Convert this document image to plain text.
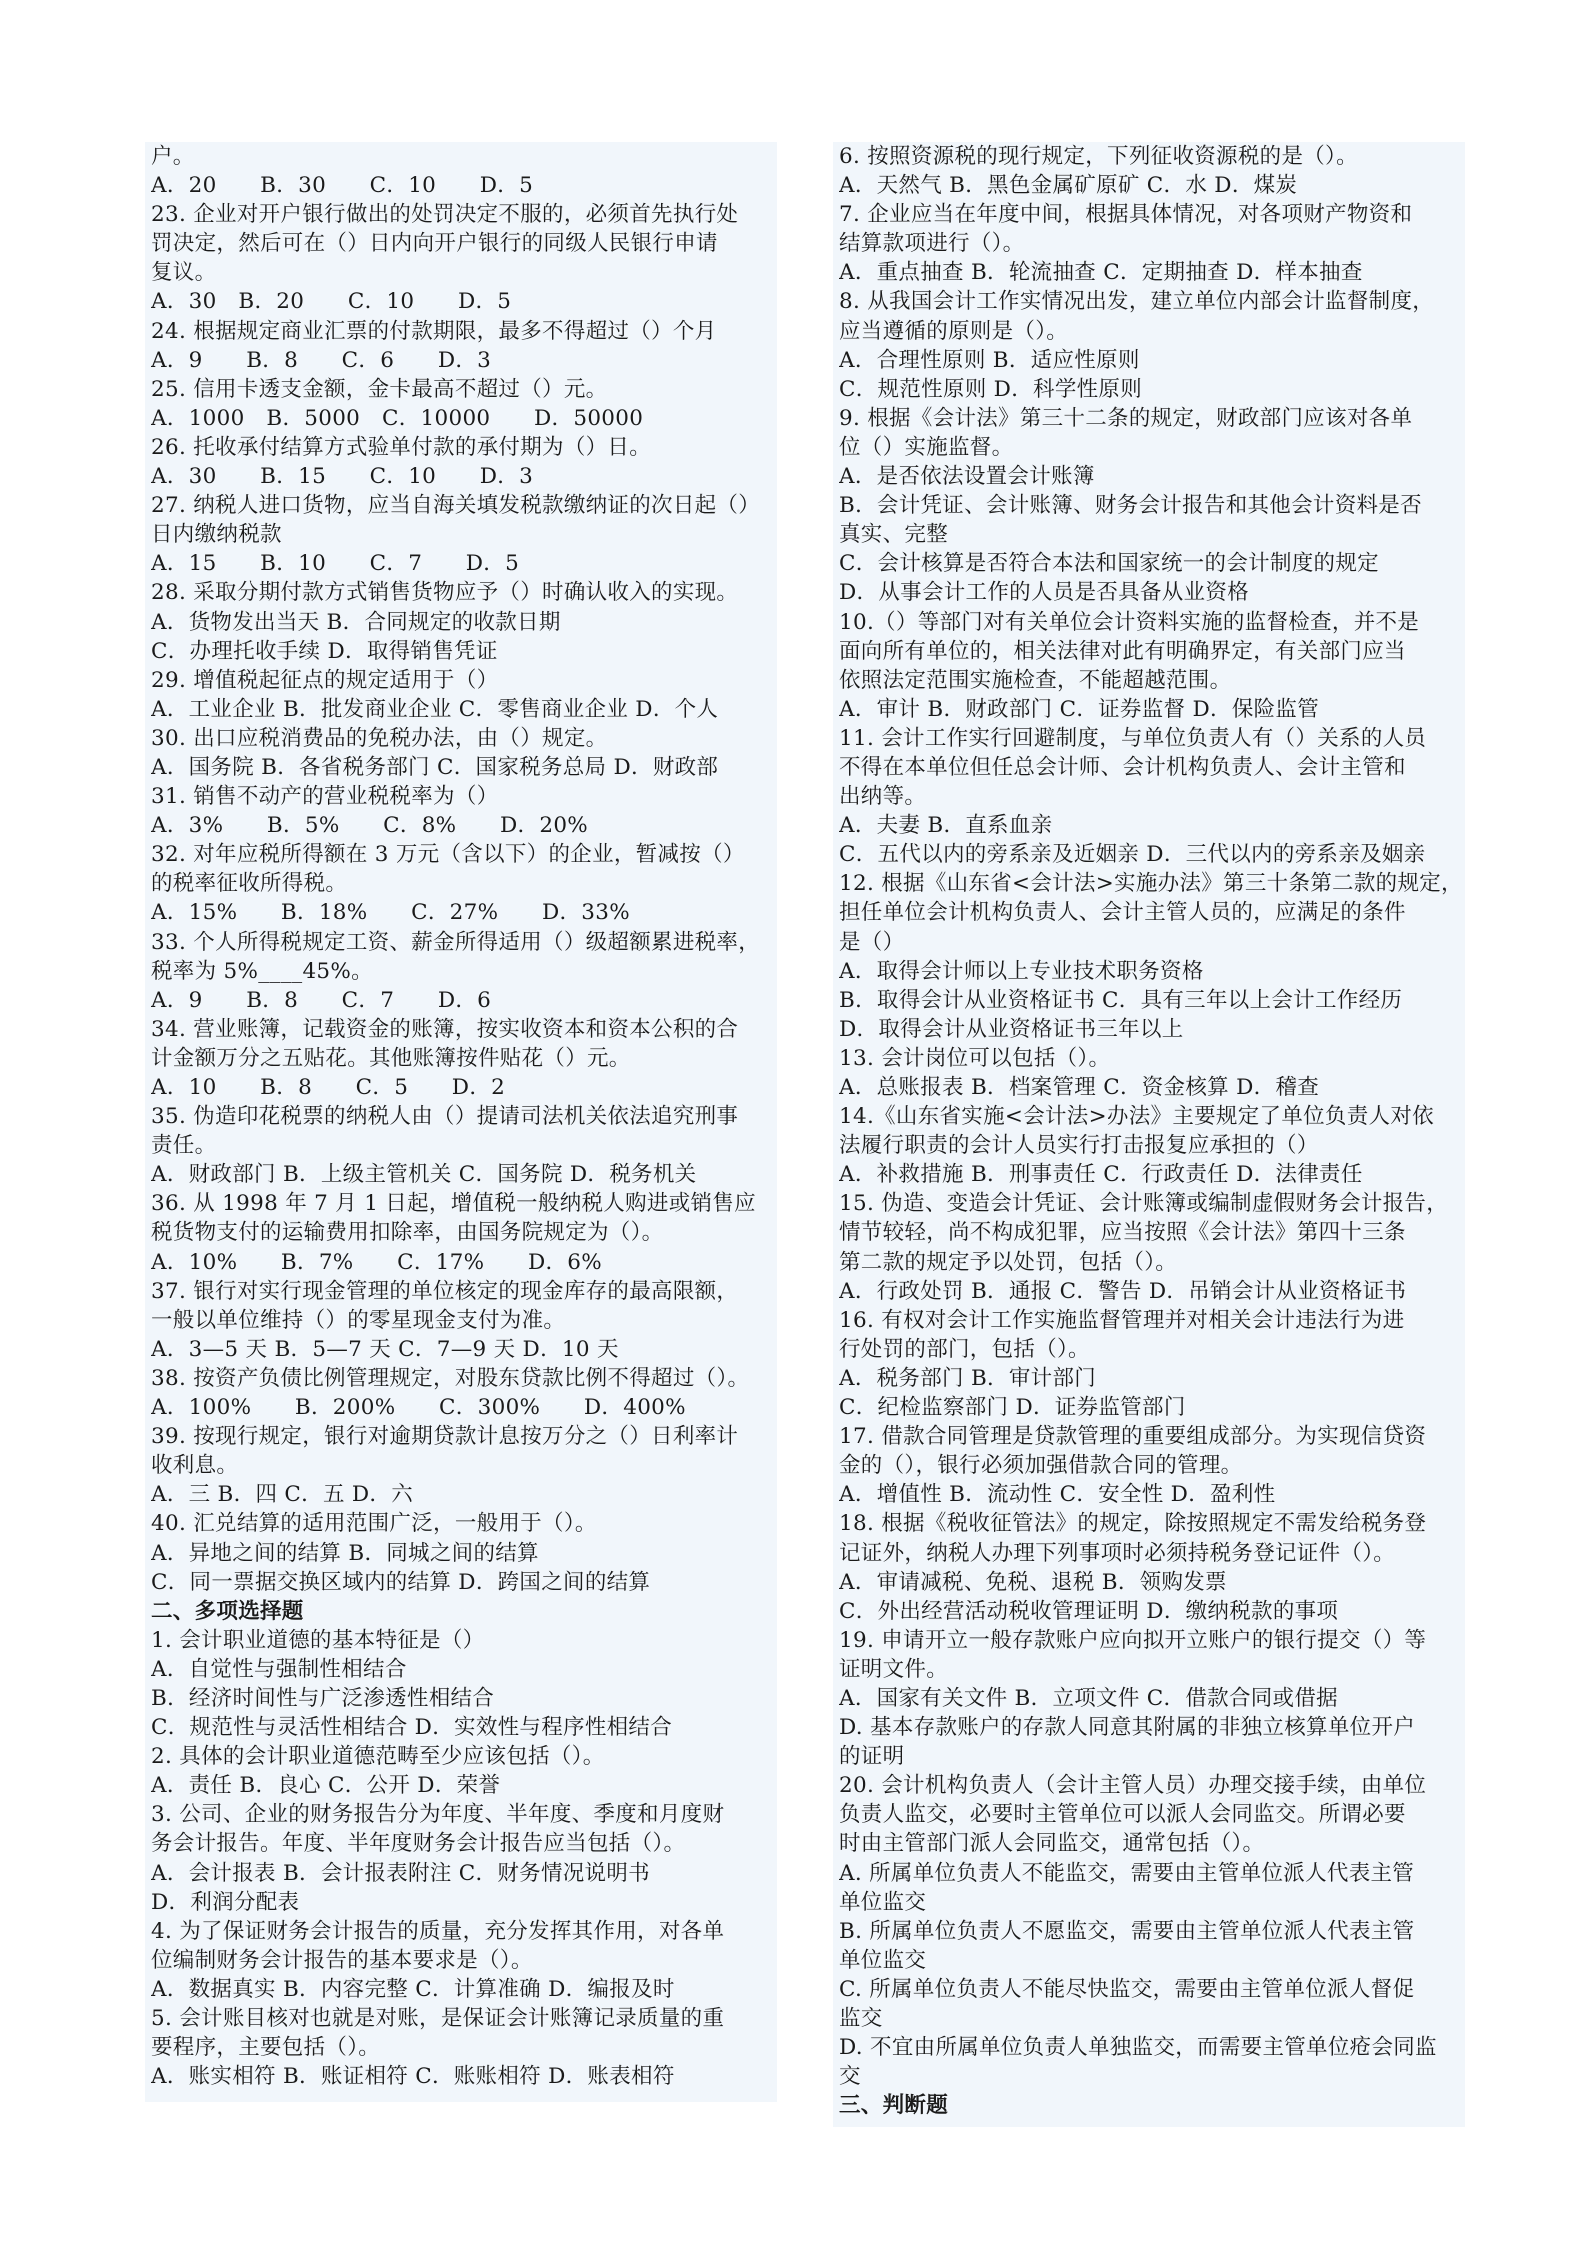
户。
A．20　　B．30　　C．10　　D．5
23. 企业对开户银行做出的处罚决定不服的，必须首先执行处
罚决定，然后可在（）日内向开户银行的同级人民银行申请
复议。
A．30　B．20　　C．10　　D．5
24. 根据规定商业汇票的付款期限，最多不得超过（）个月
A．9　　B．8　　C．6　　D．3
25. 信用卡透支金额，金卡最高不超过（）元。
A．1000　B．5000　C．10000　　D．50000
26. 托收承付结算方式验单付款的承付期为（）日。
A．30　　B．15　　C．10　　D．3
27. 纳税人进口货物，应当自海关填发税款缴纳证的次日起（）
日内缴纳税款
A．15　　B．10　　C．7　　D．5
28. 采取分期付款方式销售货物应予（）时确认收入的实现。
A．货物发出当天 B．合同规定的收款日期
C．办理托收手续 D．取得销售凭证
29. 增值税起征点的规定适用于（）
A．工业企业 B．批发商业企业 C．零售商业企业 D．个人
30. 出口应税消费品的免税办法，由（）规定。
A．国务院 B．各省税务部门 C．国家税务总局 D．财政部
31. 销售不动产的营业税税率为（）
A．3%　　B．5%　　C．8%　　D．20%
32. 对年应税所得额在 3 万元（含以下）的企业，暂减按（）
的税率征收所得税。
A．15%　　B．18%　　C．27%　　D．33%
33. 个人所得税规定工资、薪金所得适用（）级超额累进税率，
税率为 5%____45%。
A．9　　B．8　　C．7　　D．6
34. 营业账簿，记载资金的账簿，按实收资本和资本公积的合
计金额万分之五贴花。其他账簿按件贴花（）元。
A．10　　B．8　　C．5　　D．2
35. 伪造印花税票的纳税人由（）提请司法机关依法追究刑事
责任。
A．财政部门 B．上级主管机关 C．国务院 D．税务机关
36. 从 1998 年 7 月 1 日起，增值税一般纳税人购进或销售应
税货物支付的运输费用扣除率，由国务院规定为（）。
A．10%　　B．7%　　C．17%　　D．6%
37. 银行对实行现金管理的单位核定的现金库存的最高限额，
一般以单位维持（）的零星现金支付为准。
A．3—5 天 B．5—7 天 C．7—9 天 D．10 天
38. 按资产负债比例管理规定，对股东贷款比例不得超过（）。
A．100%　　B．200%　　C．300%　　D．400%
39. 按现行规定，银行对逾期贷款计息按万分之（）日利率计
收利息。
A．三 B．四 C．五 D．六
40. 汇兑结算的适用范围广泛，一般用于（）。
A．异地之间的结算 B．同城之间的结算
C．同一票据交换区域内的结算 D．跨国之间的结算
二、多项选择题
1. 会计职业道德的基本特征是（）
A．自觉性与强制性相结合
B．经济时间性与广泛渗透性相结合
C．规范性与灵活性相结合 D．实效性与程序性相结合
2. 具体的会计职业道德范畴至少应该包括（）。
A．责任 B．良心 C．公开 D．荣誉
3. 公司、企业的财务报告分为年度、半年度、季度和月度财
务会计报告。年度、半年度财务会计报告应当包括（）。
A．会计报表 B．会计报表附注 C．财务情况说明书
D．利润分配表
4. 为了保证财务会计报告的质量，充分发挥其作用，对各单
位编制财务会计报告的基本要求是（）。
A．数据真实 B．内容完整 C．计算准确 D．编报及时
5. 会计账目核对也就是对账，是保证会计账簿记录质量的重
要程序，主要包括（）。
A．账实相符 B．账证相符 C．账账相符 D．账表相符
6. 按照资源税的现行规定，下列征收资源税的是（）。
A．天然气 B．黑色金属矿原矿 C．水 D．煤炭
7. 企业应当在年度中间，根据具体情况，对各项财产物资和
结算款项进行（）。
A．重点抽查 B．轮流抽查 C．定期抽查 D．样本抽查
8. 从我国会计工作实情况出发，建立单位内部会计监督制度，
应当遵循的原则是（）。
A．合理性原则 B．适应性原则
C．规范性原则 D．科学性原则
9. 根据《会计法》第三十二条的规定，财政部门应该对各单
位（）实施监督。
A．是否依法设置会计账簿
B．会计凭证、会计账簿、财务会计报告和其他会计资料是否
真实、完整
C．会计核算是否符合本法和国家统一的会计制度的规定
D．从事会计工作的人员是否具备从业资格
10.（）等部门对有关单位会计资料实施的监督检查，并不是
面向所有单位的，相关法律对此有明确界定，有关部门应当
依照法定范围实施检查，不能超越范围。
A．审计 B．财政部门 C．证券监督 D．保险监管
11. 会计工作实行回避制度，与单位负责人有（）关系的人员
不得在本单位但任总会计师、会计机构负责人、会计主管和
出纳等。
A．夫妻 B．直系血亲
C．五代以内的旁系亲及近姻亲 D．三代以内的旁系亲及姻亲
12. 根据《山东省<会计法>实施办法》第三十条第二款的规定，
担任单位会计机构负责人、会计主管人员的，应满足的条件
是（）
A．取得会计师以上专业技术职务资格
B．取得会计从业资格证书 C．具有三年以上会计工作经历
D．取得会计从业资格证书三年以上
13. 会计岗位可以包括（）。
A．总账报表 B．档案管理 C．资金核算 D．稽查
14.《山东省实施<会计法>办法》主要规定了单位负责人对依
法履行职责的会计人员实行打击报复应承担的（）
A．补救措施 B．刑事责任 C．行政责任 D．法律责任
15. 伪造、变造会计凭证、会计账簿或编制虚假财务会计报告，
情节较轻，尚不构成犯罪，应当按照《会计法》第四十三条
第二款的规定予以处罚，包括（）。
A．行政处罚 B．通报 C．警告 D．吊销会计从业资格证书
16. 有权对会计工作实施监督管理并对相关会计违法行为进
行处罚的部门，包括（）。
A．税务部门 B．审计部门
C．纪检监察部门 D．证券监管部门
17. 借款合同管理是贷款管理的重要组成部分。为实现信贷资
金的（），银行必须加强借款合同的管理。
A．增值性 B．流动性 C．安全性 D．盈利性
18. 根据《税收征管法》的规定，除按照规定不需发给税务登
记证外，纳税人办理下列事项时必须持税务登记证件（）。
A．审请减税、免税、退税 B．领购发票
C．外出经营活动税收管理证明 D．缴纳税款的事项
19. 申请开立一般存款账户应向拟开立账户的银行提交（）等
证明文件。
A．国家有关文件 B．立项文件 C．借款合同或借据
D. 基本存款账户的存款人同意其附属的非独立核算单位开户
的证明
20. 会计机构负责人（会计主管人员）办理交接手续，由单位
负责人监交，必要时主管单位可以派人会同监交。所谓必要
时由主管部门派人会同监交，通常包括（）。
A. 所属单位负责人不能监交，需要由主管单位派人代表主管
单位监交
B. 所属单位负责人不愿监交，需要由主管单位派人代表主管
单位监交
C. 所属单位负责人不能尽快监交，需要由主管单位派人督促
监交
D. 不宜由所属单位负责人单独监交，而需要主管单位疮会同监
交
三、判断题
